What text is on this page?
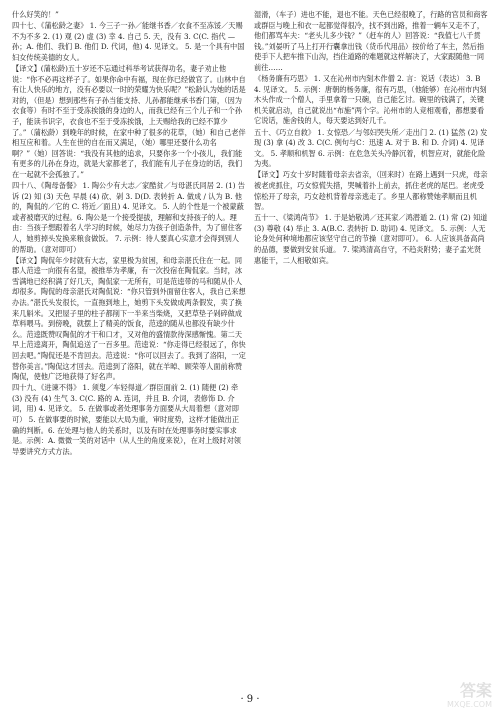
什么好笑的！”

四十七、《蒲松龄之妻》 1. 今三子一孙／能继书香／衣食不至冻馁／天赐不为不多 2. (1) 观 (2) 虚 (3) 幸 4. 自己 5. 天，没有 3. C(C. 指代 — 孙；A. 他们、我们 B. 他们 D. 代词，他) 4. 见译文。 5. 是一个具有中国妇女传统美德的女人。

【译文】(蒲松龄)五十岁还不忘通过科举考试获得功名，妻子劝止他说：“你不必再这样子了。如果你命中有福，现在你已经做官了。山林中自有让人快乐的地方，没有必要以一时的荣耀为快乐呢？”松龄认为她的话是对的，（但是）想到那些有子孙当能支持、儿孙都能继承书香门第，（因为衣食等）有时不至于受冻挨饿的身边的人，而我已经有三个儿子和一个孙子，能读书识字，衣食也不至于受冻挨饿，上天赐给我的已经不算少了。”（蒲松龄）到晚年的时候，在家中种了很多的花草，（她）和自己老伴相互应和着。人生在世的自在而又满足，（她）哪里还要什么功名啊？”（她）回答说：“我没有其他的追求，只要你多一个小孩儿，我们能有更多的儿孙在身边，就是大家都老了，我们能有儿子在身边的话，我们在一起就不会孤独了。”

四十八、《陶母备餐》 1. 陶公少有大志／家酷贫／与母湛氏同居 2. (1) 告诉 (2) 知 (3) 天色 早晨 (4) 砍、剁 3. D(D. 表转折 A. 做成 / 认为 B. 他的，陶侃的／它的 C. 将近／面且) 4. 见译文。 5. 人的个性是一个被蒙蔽或者被磨灭的过程。6. 陶公是一个接受提拔，理解和支持孩子的人。理由：当孩子想跟着名人学习的时候，她尽力为孩子创造条件，为了留住客人，她剪掉头发换来粮食做饭。 7. 示例：待人要真心实意才会得到别人的帮助。（意对即可）

【译文】陶侃年少时就有大志，家里极为贫困，和母亲湛氏住在一起。同郡人范逵一向很有名望，被推举为孝廉，有一次投宿在陶侃家。当时，冰雪满地已经积满了好几天，陶侃家一无所有，可是范逵带的马和随从仆人却很多。陶侃的母亲湛氏对陶侃说：“你只管到外面留住客人，我自己来想办法。”湛氏头发很长，一直拖到地上，她剪下头发做成两条假发，卖了换来几斛米。又把屋子里的柱子都削下一半来当柴烧，又把草垫子剁碎做成草料喂马。到傍晚，就摆上了精美的饭食，范逵的随从也都没有缺少什么。范逵既赞叹陶侃的才干和口才，又对他的盛情款待深感惭愧。第二天早上范逵离开，陶侃追送了一百多里。范逵说：“你走得已经很远了，你快回去吧。”陶侃还是不肯回去。范逵说：“你可以回去了。我到了洛阳，一定替你美言。”陶侃这才回去。范逵到了洛阳，就在羊晫、顾荣等人面前称赞陶侃，使他广泛地获得了好名声。

四十九、《进谏不得》 1. 须叟／车轻得道／群臣面前 2. (1) 随便 (2) 牵 (3) 没有 (4) 生气 3. C(C. 路的 A. 连词，并且 B. 介词，表修饰 D. 介词，用) 4. 见译文。 5. 在做事或者处理事务方面要从大局着想（意对即可） 5. 在做事要的时候，要能以大局为重，审时度势，这样才能做出正确的判断。6. 在处理与他人的关系时，以及有时在处理事务时要实事求是。示例：A. 微微一笑的对话中（从人生的角度来说），在对上级时对领导要讲究方式方法。

湿滑，（车子）进也不能，退也不能。天色已经很晚了，行路的官员和商客或群臣与晚上和衣一起都觉得很冷，找不到出路，推着一辆车又走不了，他们都骂车夫：“老头儿多少钱？”（赶车的人）回答说：“我值七八千贯钱。”刘晏听了马上打开行囊拿出钱（货币代用品）按价给了车主，然后指使手下人把车推下山沟，挡住道路的难题就这样解决了，大家跟随他一同前往……

《杨务廉有巧思》 1. 又在沁州市内刻木作僧 2. 言：说话（表达） 3. B 4. 见译文。 5. 示例：唐朝的杨务廉，很有巧思，（他能够）在沁州市内刻木头作成一个僧人，手里拿着一只碗，自己能乞讨。碗里的钱满了，关键机关就启动，自己就说出“布施”两个字。沁州市的人竞相观看，都想要看它说话，施舍钱的人，每天要达到好几千。

五十、《巧立自救》 1. 女惊恐／与邻妇哭失所／走出门 2. (1) 猛然 (2) 发现 (3) 拿 (4) 改 3. C(C. 例句与C：迅速 A. 对于 B. 和 D. 介词) 4. 见译文。 5. 孝顺和机智 6. 示例：在危急关头冷静沉着，机智应对，就能化险为夷。

【译文】巧女十岁时随着母亲去省亲，（回来时）在路上遇到一只虎，母亲被老虎抓住，巧女惊慌失措，哭喊着扑上前去，抓住老虎的尾巴。老虎受惊松开了母亲，巧女趁机背着母亲逃走了。乡里人都称赞她孝顺而且机智。

五十一、《梁鸿尚节》 1. 于是始敬鸿／还其家／鸿潜遁 2. (1) 常 (2) 知道 (3) 尊敬 (4) 举止 3. A(B.C. 表转折 D. 助词) 4. 见译文。 5. 示例：人无论身处何种境地都应该坚守自己的节操（意对即可）。 6. 人应该具备高尚的品德，要做到安贫乐道。 7. 梁鸿清高自守，不趋炎附势；妻子孟光贤惠能干，二人相敬如宾。

· 9 ·	答案
MXQE.COM
